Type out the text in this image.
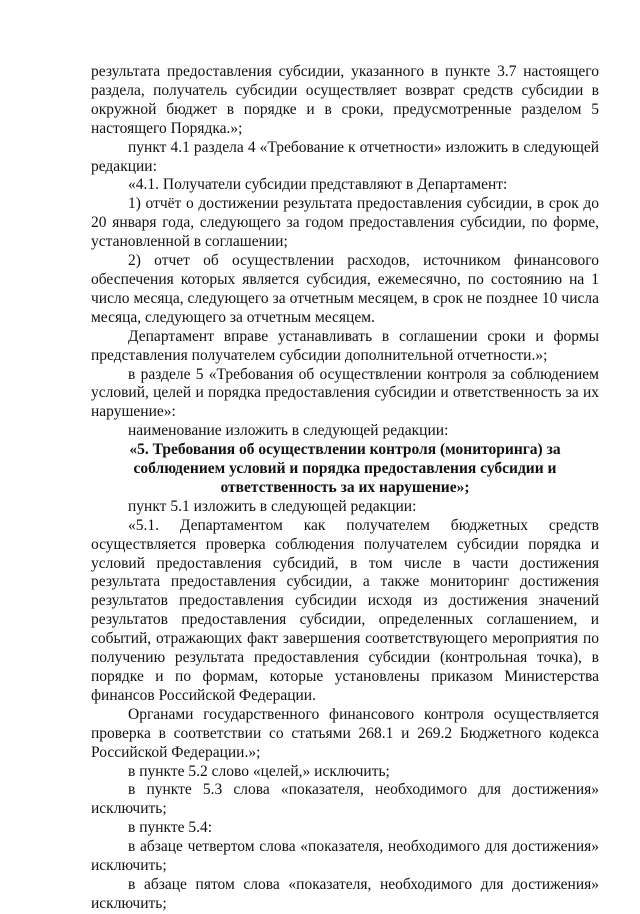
результата предоставления субсидии, указанного в пункте 3.7 настоящего раздела, получатель субсидии осуществляет возврат средств субсидии в окружной бюджет в порядке и в сроки, предусмотренные разделом 5 настоящего Порядка.»;

пункт 4.1 раздела 4 «Требование к отчетности» изложить в следующей редакции:

«4.1. Получатели субсидии представляют в Департамент:

1) отчёт о достижении результата предоставления субсидии, в срок до 20 января года, следующего за годом предоставления субсидии, по форме, установленной в соглашении;

2) отчет об осуществлении расходов, источником финансового обеспечения которых является субсидия, ежемесячно, по состоянию на 1 число месяца, следующего за отчетным месяцем, в срок не позднее 10 числа месяца, следующего за отчетным месяцем.

Департамент вправе устанавливать в соглашении сроки и формы представления получателем субсидии дополнительной отчетности.»;

в разделе 5 «Требования об осуществлении контроля за соблюдением условий, целей и порядка предоставления субсидии и ответственность за их нарушение»:

наименование изложить в следующей редакции:

«5. Требования об осуществлении контроля (мониторинга) за соблюдением условий и порядка предоставления субсидии и ответственность за их нарушение»;

пункт 5.1 изложить в следующей редакции:

«5.1. Департаментом как получателем бюджетных средств осуществляется проверка соблюдения получателем субсидии порядка и условий предоставления субсидий, в том числе в части достижения результата предоставления субсидии, а также мониторинг достижения результатов предоставления субсидии исходя из достижения значений результатов предоставления субсидии, определенных соглашением, и событий, отражающих факт завершения соответствующего мероприятия по получению результата предоставления субсидии (контрольная точка), в порядке и по формам, которые установлены приказом Министерства финансов Российской Федерации.

Органами государственного финансового контроля осуществляется проверка в соответствии со статьями 268.1 и 269.2 Бюджетного кодекса Российской Федерации.»;

в пункте 5.2 слово «целей,» исключить;

в пункте 5.3 слова «показателя, необходимого для достижения» исключить;

в пункте 5.4:

в абзаце четвертом слова «показателя, необходимого для достижения» исключить;

в абзаце пятом слова «показателя, необходимого для достижения» исключить;
